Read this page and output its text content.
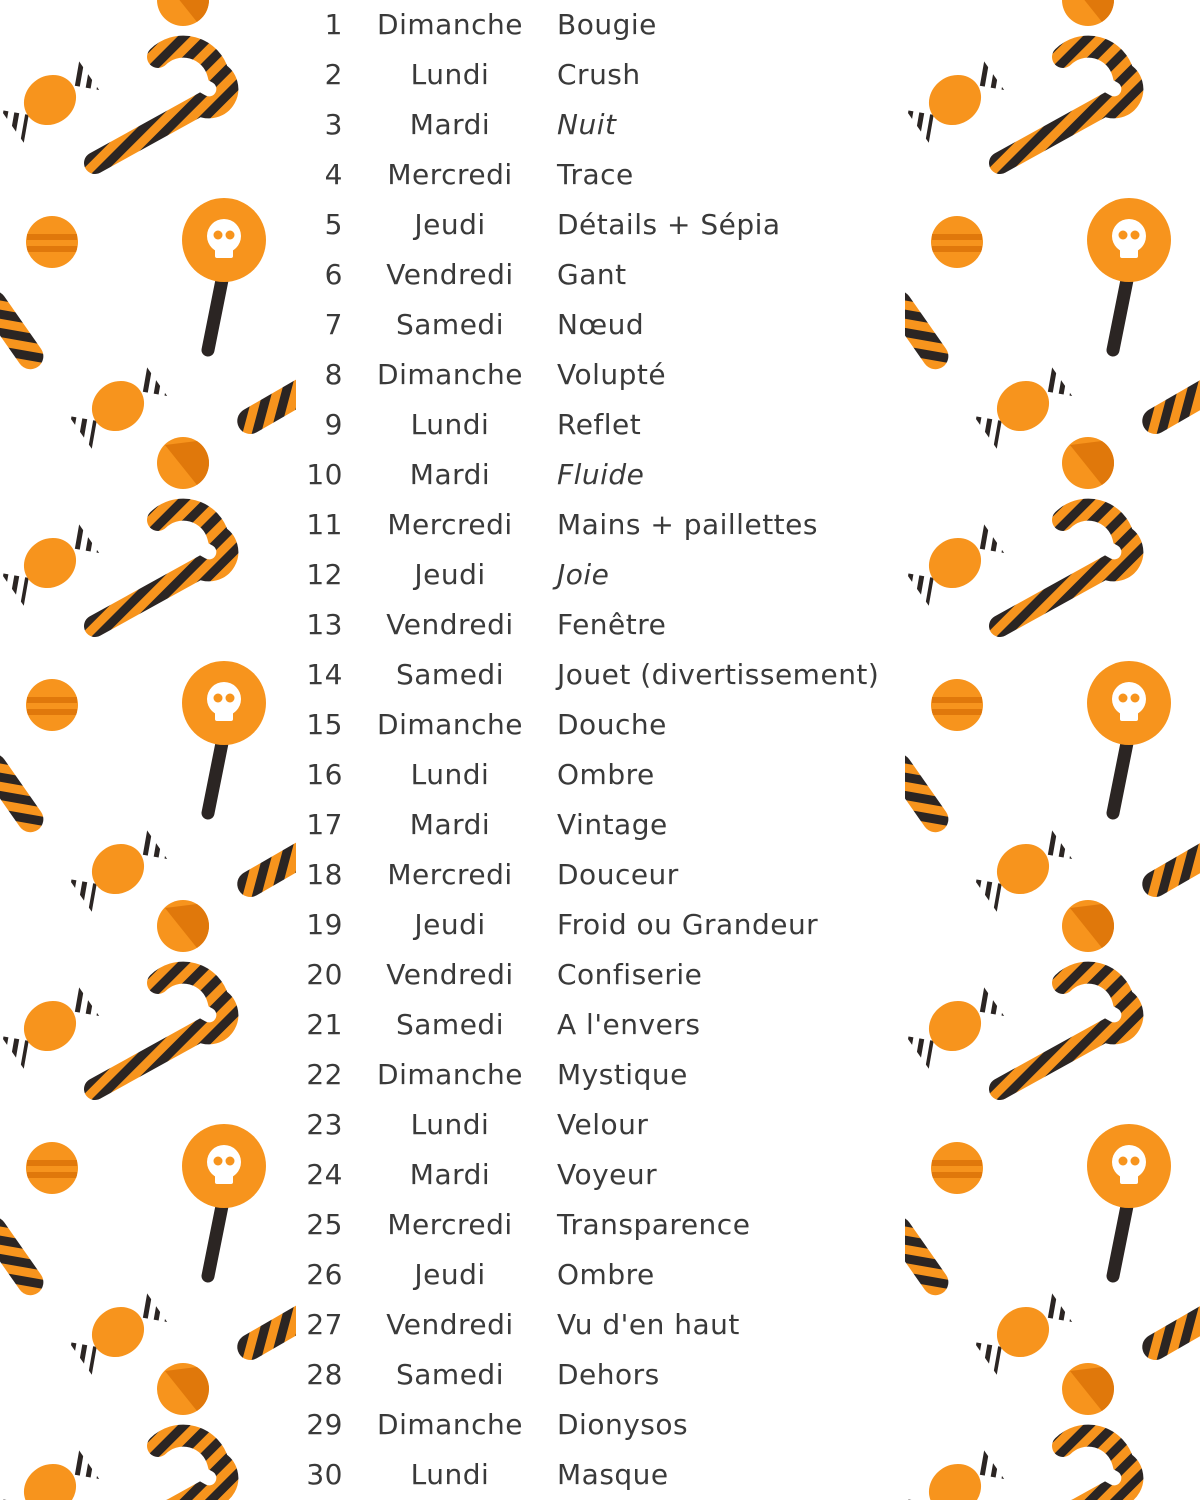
1 Dimanche Bougie
2	Lundi	Crush
3	Mardi	Nuit
4	Mercredi	Trace
5	Jeudi	Détails + Sépia
6	Vendredi	Gant
7	Samedi	Nœud
8 Dimanche Volupté
9	Lundi	Reflet
10	Mardi	Fluide
11	Mercredi	Mains + paillettes
12	Jeudi	Joie
13	Vendredi	Fenêtre
14	Samedi	Jouet (divertissement)
15 Dimanche Douche
16	Lundi	Ombre
17	Mardi	Vintage
18	Mercredi	Douceur
19	Jeudi	Froid ou Grandeur
20	Vendredi	Confiserie
21	Samedi	A l'envers
22 Dimanche Mystique
23	Lundi	Velour
24	Mardi	Voyeur
25	Mercredi	Transparence
26	Jeudi	Ombre
27	Vendredi	Vu d'en haut
28	Samedi	Dehors
29 Dimanche Dionysos
30	Lundi	Masque
